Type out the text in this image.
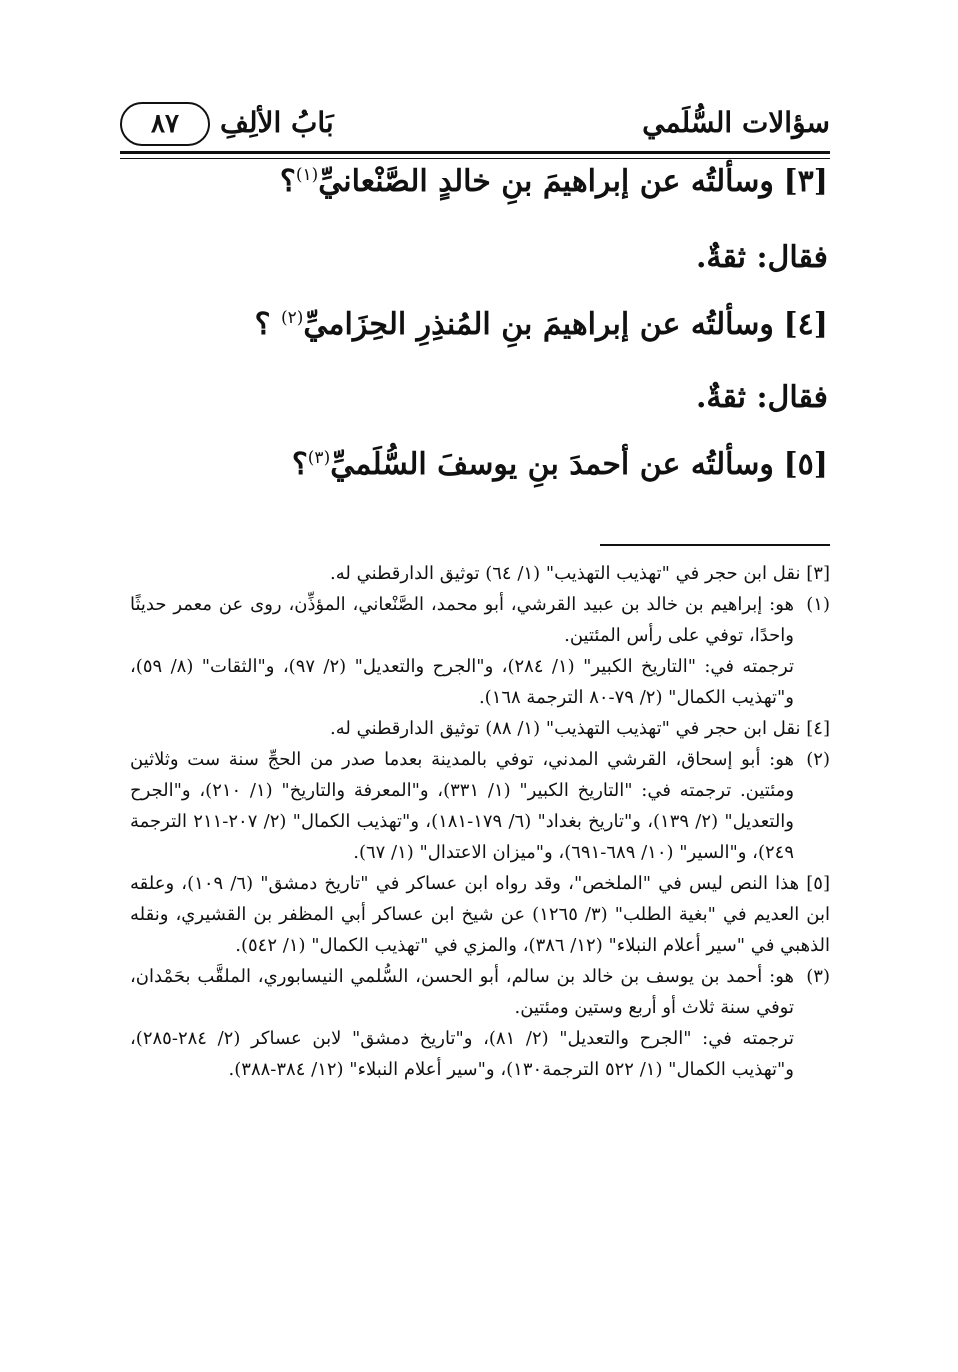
سؤالات السُّلَمي
بَابُ الألِفِ
٨٧
[٣] وسألتُه عن إبراهيمَ بنِ خالدٍ الصَّنْعانيِّ$^{(١)}$؟
فقال: ثقةٌ.
[٤] وسألتُه عن إبراهيمَ بنِ المُنذِرِ الحِزَاميِّ$^{(٢)}$ ؟
فقال: ثقةٌ.
[٥] وسألتُه عن أحمدَ بنِ يوسفَ السُّلَميِّ$^{(٣)}$؟

[٣] نقل ابن حجر في "تهذيب التهذيب" (١/ ٦٤) توثيق الدارقطني له.

(١)

هو: إبراهيم بن خالد بن عبيد القرشي، أبو محمد، الصَّنْعاني، المؤذِّن، روى عن معمر حديثًا واحدًا، توفي على رأس المئتين.

ترجمته في: "التاريخ الكبير" (١/ ٢٨٤)، و"الجرح والتعديل" (٢/ ٩٧)، و"الثقات" (٨/ ٥٩)، و"تهذيب الكمال" (٢/ ٧٩-٨٠ الترجمة ١٦٨).

[٤] نقل ابن حجر في "تهذيب التهذيب" (١/ ٨٨) توثيق الدارقطني له.

(٢)

هو: أبو إسحاق، القرشي المدني، توفي بالمدينة بعدما صدر من الحجِّ سنة ست وثلاثين ومئتين. ترجمته في: "التاريخ الكبير" (١/ ٣٣١)، و"المعرفة والتاريخ" (١/ ٢١٠)، و"الجرح والتعديل" (٢/ ١٣٩)، و"تاريخ بغداد" (٦/ ١٧٩-١٨١)، و"تهذيب الكمال" (٢/ ٢٠٧-٢١١ الترجمة ٢٤٩)، و"السير" (١٠/ ٦٨٩-٦٩١)، و"ميزان الاعتدال" (١/ ٦٧).

[٥] هذا النص ليس في "الملخص"، وقد رواه ابن عساكر في "تاريخ دمشق" (٦/ ١٠٩)، وعلقه ابن العديم في "بغية الطلب" (٣/ ١٢٦٥) عن شيخ ابن عساكر أبي المظفر بن القشيري، ونقله الذهبي في "سير أعلام النبلاء" (١٢/ ٣٨٦)، والمزي في "تهذيب الكمال" (١/ ٥٤٢).

(٣)

هو: أحمد بن يوسف بن خالد بن سالم، أبو الحسن، السُّلمي النيسابوري، الملقَّب بحَمْدان، توفي سنة ثلاث أو أربع وستين ومئتين.

ترجمته في: "الجرح والتعديل" (٢/ ٨١)، و"تاريخ دمشق" لابن عساكر (٢/ ٢٨٤-٢٨٥)، و"تهذيب الكمال" (١/ ٥٢٢ الترجمة١٣٠)، و"سير أعلام النبلاء" (١٢/ ٣٨٤-٣٨٨).
